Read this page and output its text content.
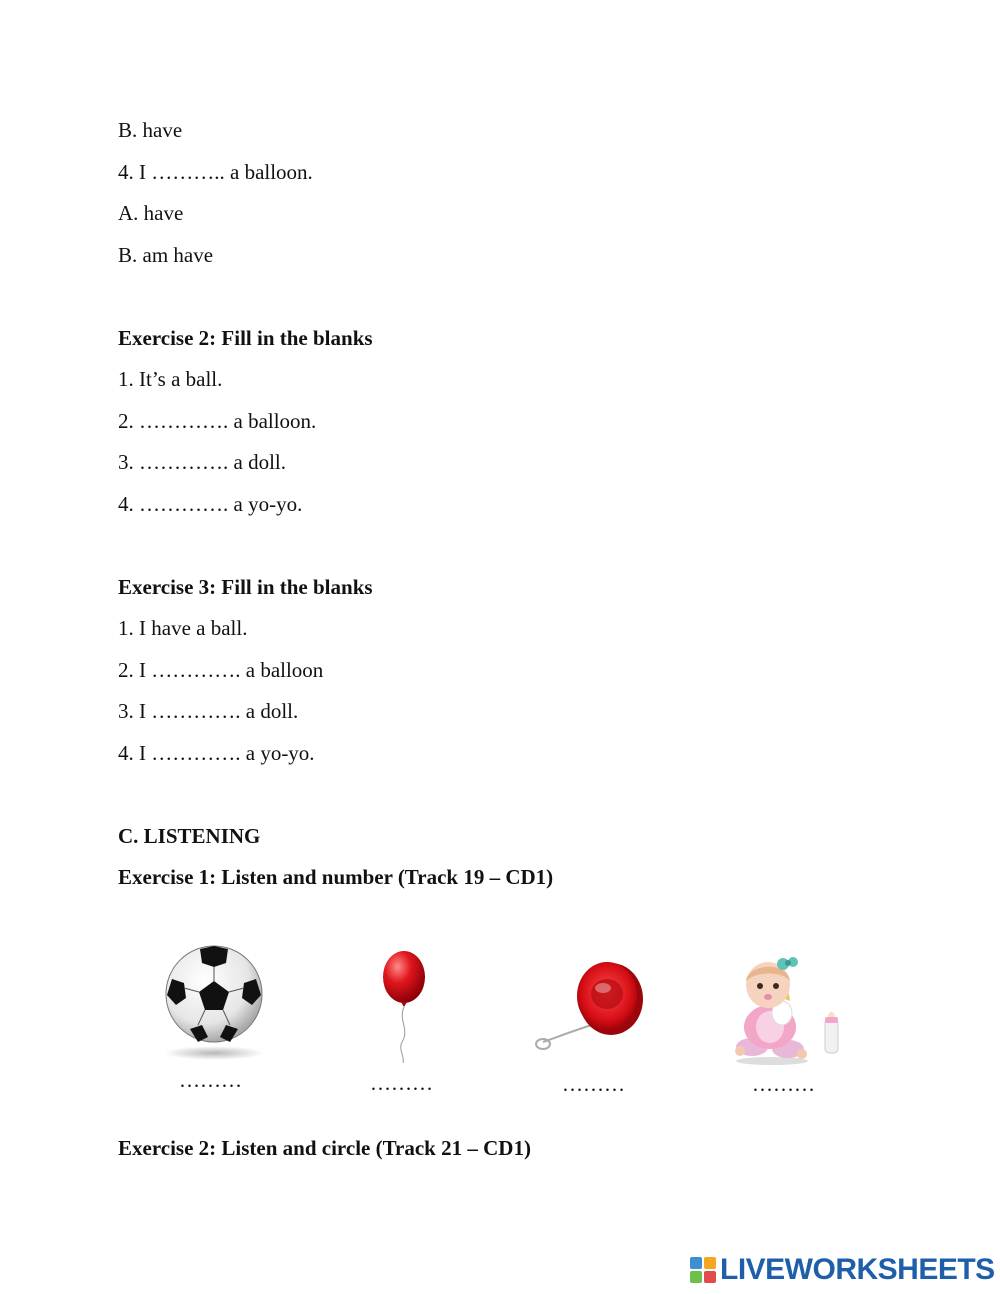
B. have
4. I ……….. a balloon.
A. have
B. am have
Exercise 2: Fill in the blanks
1. It’s a ball.
2. …………. a balloon.
3. …………. a doll.
4. …………. a yo-yo.
Exercise 3: Fill in the blanks
1. I have a ball.
2. I …………. a balloon
3. I …………. a doll.
4. I …………. a yo-yo.
C. LISTENING
Exercise 1: Listen and number (Track 19 – CD1)
………	………	………	………
Exercise 2: Listen and circle (Track 21 – CD1)
LIVEWORKSHEETS
